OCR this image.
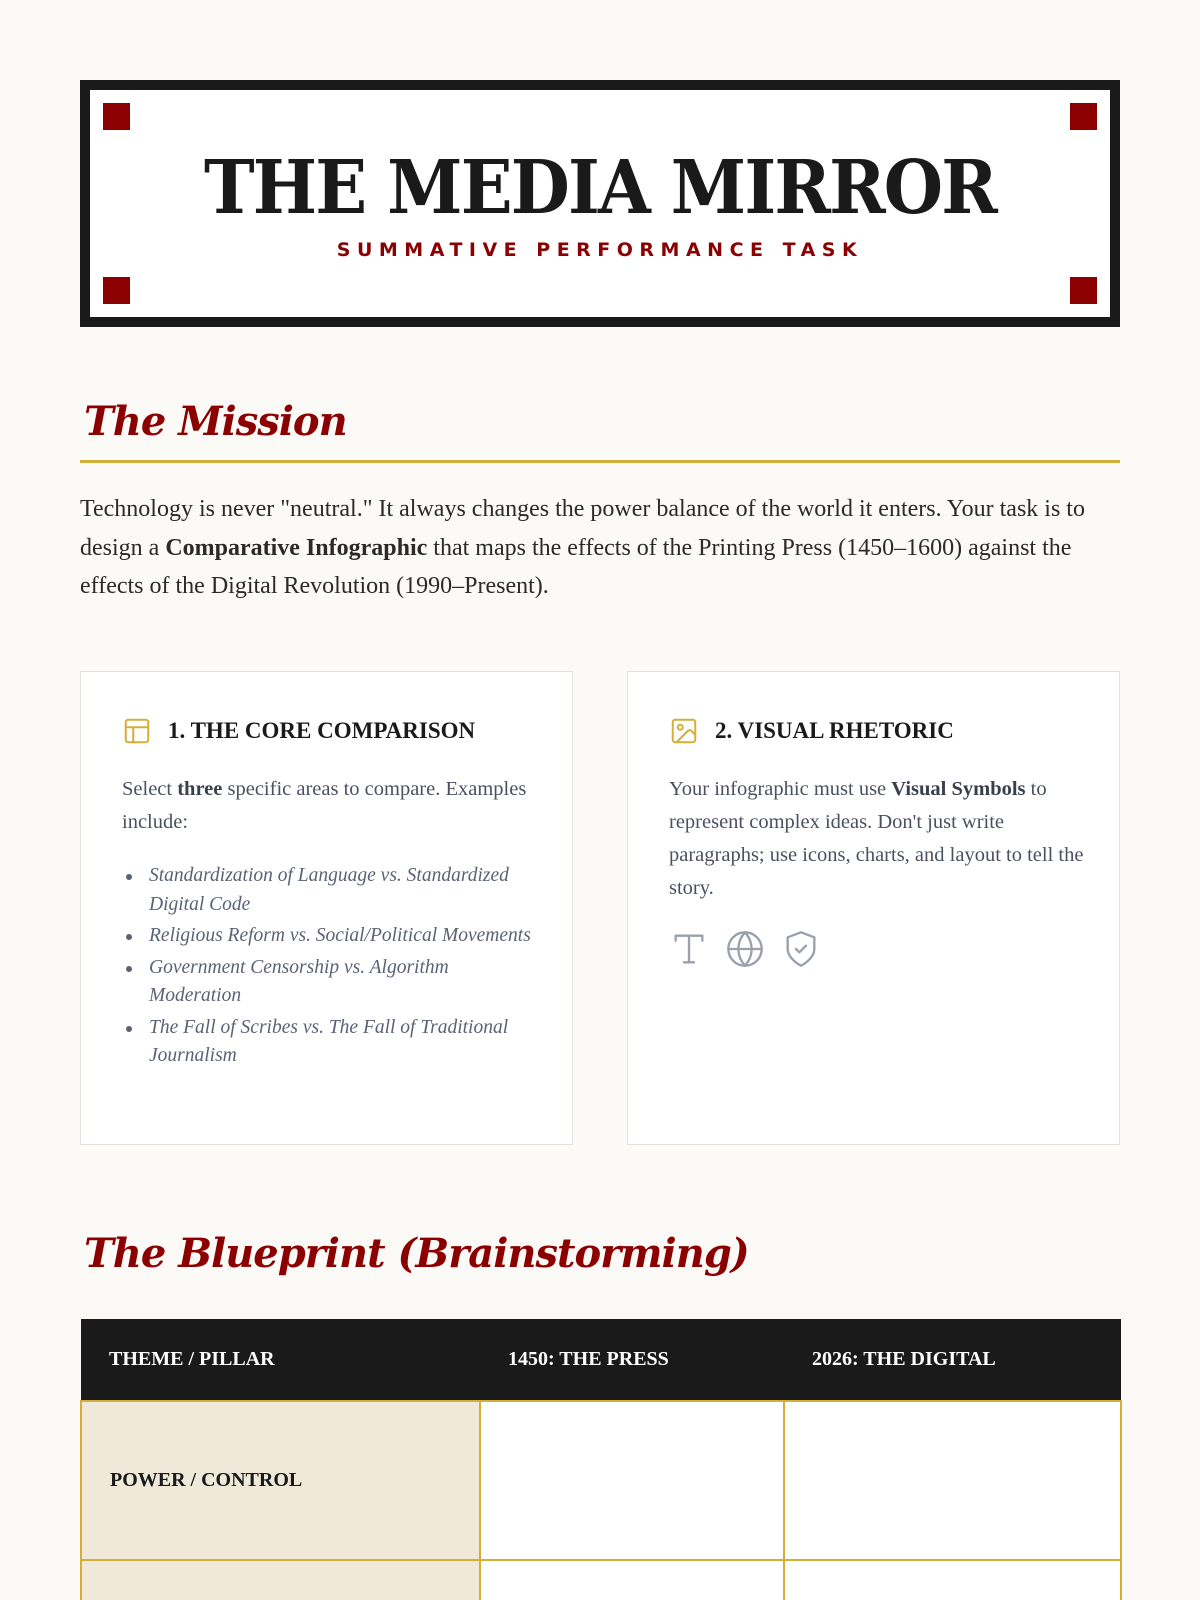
THE MEDIA MIRROR
SUMMATIVE PERFORMANCE TASK
The Mission

Technology is never "neutral." It always changes the power balance of the world it enters. Your task is to design a Comparative Infographic that maps the effects of the Printing Press (1450–1600) against the effects of the Digital Revolution (1990–Present).

1. THE CORE COMPARISON

Select three specific areas to compare. Examples include:

Standardization of Language vs. Standardized Digital Code
Religious Reform vs. Social/Political Movements
Government Censorship vs. Algorithm Moderation
The Fall of Scribes vs. The Fall of Traditional Journalism
2. VISUAL RHETORIC

Your infographic must use Visual Symbols to represent complex ideas. Don't just write paragraphs; use icons, charts, and layout to tell the story.

The Blueprint (Brainstorming)
THEME / PILLAR	1450: THE PRESS	2026: THE DIGITAL
POWER / CONTROL		
